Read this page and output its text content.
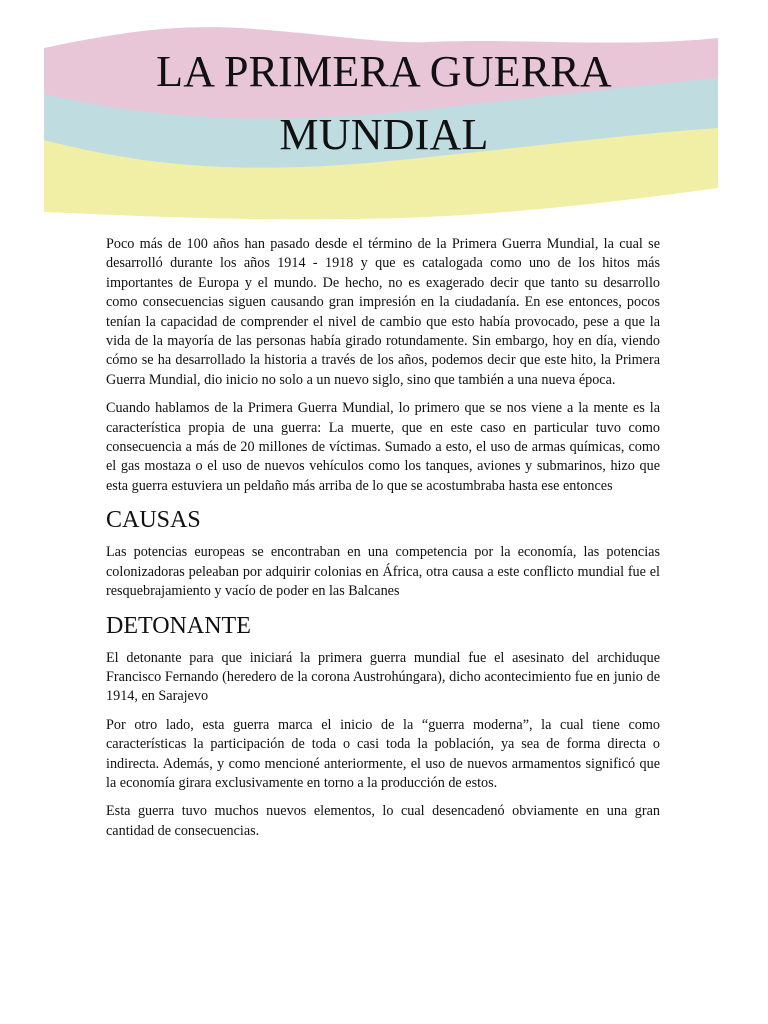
LA PRIMERA GUERRA
MUNDIAL

Poco más de 100 años han pasado desde el término de la Primera Guerra Mundial, la cual se desarrolló durante los años 1914 - 1918 y que es catalogada como uno de los hitos más importantes de Europa y el mundo. De hecho, no es exagerado decir que tanto su desarrollo como consecuencias siguen causando gran impresión en la ciudadanía. En ese entonces, pocos tenían la capacidad de comprender el nivel de cambio que esto había provocado, pese a que la vida de la mayoría de las personas había girado rotundamente. Sin embargo, hoy en día, viendo cómo se ha desarrollado la historia a través de los años, podemos decir que este hito, la Primera Guerra Mundial, dio inicio no solo a un nuevo siglo, sino que también a una nueva época.

Cuando hablamos de la Primera Guerra Mundial, lo primero que se nos viene a la mente es la característica propia de una guerra: La muerte, que en este caso en particular tuvo como consecuencia a más de 20 millones de víctimas. Sumado a esto, el uso de armas químicas, como el gas mostaza o el uso de nuevos vehículos como los tanques, aviones y submarinos, hizo que esta guerra estuviera un peldaño más arriba de lo que se acostumbraba hasta ese entonces

CAUSAS

Las potencias europeas se encontraban en una competencia por la economía, las potencias colonizadoras peleaban por adquirir colonias en África, otra causa a este conflicto mundial fue el resquebrajamiento y vacío de poder en las Balcanes

DETONANTE

El detonante para que iniciará la primera guerra mundial fue el asesinato del archiduque Francisco Fernando (heredero de la corona Austrohúngara), dicho acontecimiento fue en junio de 1914, en Sarajevo

Por otro lado, esta guerra marca el inicio de la “guerra moderna”, la cual tiene como características la participación de toda o casi toda la población, ya sea de forma directa o indirecta. Además, y como mencioné anteriormente, el uso de nuevos armamentos significó que la economía girara exclusivamente en torno a la producción de estos.

Esta guerra tuvo muchos nuevos elementos, lo cual desencadenó obviamente en una gran cantidad de consecuencias.
